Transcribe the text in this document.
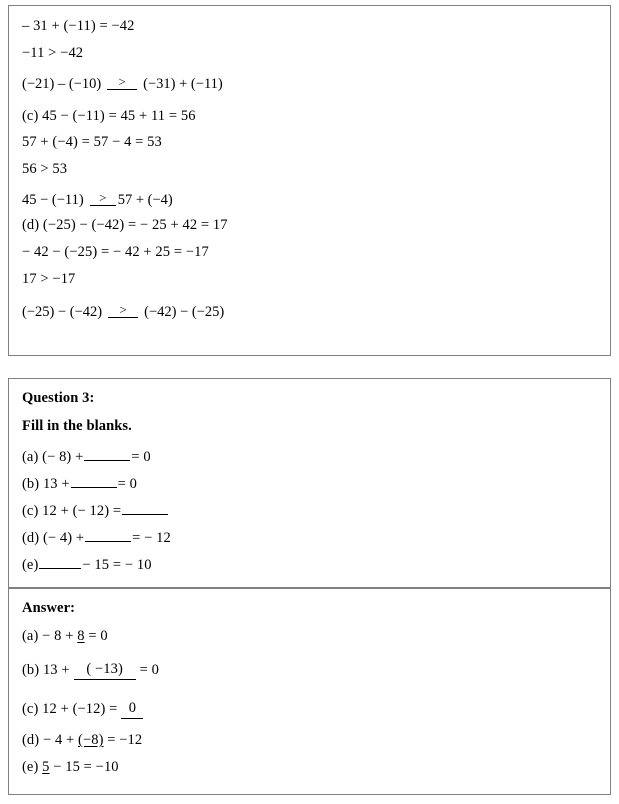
– 31 + (−11) = −42
−11 > −42
(−21) – (−10) > (−31) + (−11)
(c) 45 − (−11) = 45 + 11 = 56
57 + (−4) = 57 − 4 = 53
56 > 53
45 − (−11) > 57 + (−4)
(d) (−25) − (−42) = − 25 + 42 = 17
− 42 − (−25) = − 42 + 25 = −17
17 > −17
(−25) − (−42) > (−42) − (−25)
Question 3:
Fill in the blanks.
(a) (− 8) +	= 0
(b) 13 +	= 0
(c) 12 + (− 12) =
(d) (− 4) +	= − 12
(e)	− 15 = − 10
Answer:
(a) − 8 + 8 = 0
(b) 13 + ( −13) = 0
(c) 12 + (−12) = 0
(d) − 4 + (−8) = −12
(e) 5 − 15 = −10
